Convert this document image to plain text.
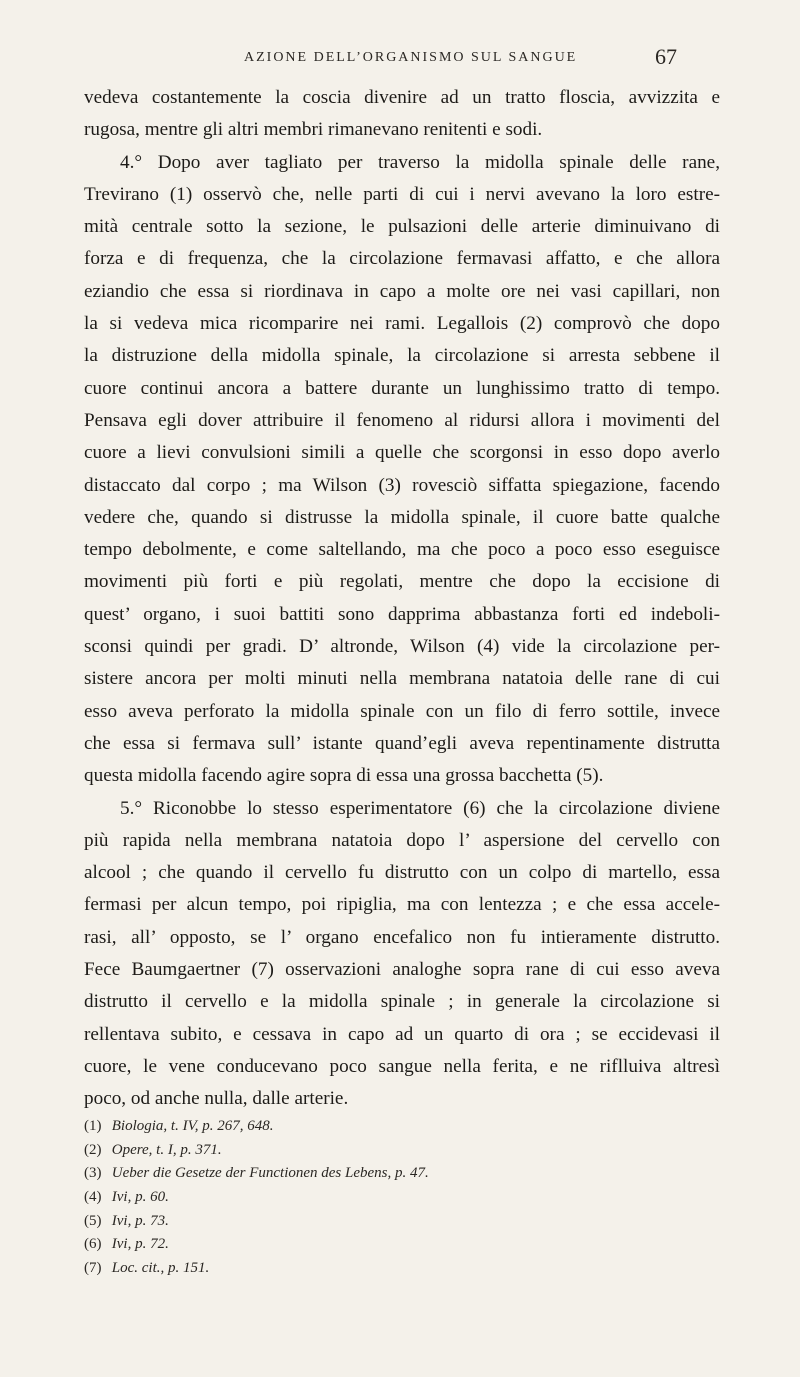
AZIONE DELL’ORGANISMO SUL SANGUE	67
vedeva costantemente la coscia divenire ad un tratto floscia, avvizzita e
rugosa, mentre gli altri membri rimanevano renitenti e sodi.
4.° Dopo aver tagliato per traverso la midolla spinale delle rane,
Treviranо (1) osservò che, nelle parti di cui i nervi avevano la loro estre-
mità centrale sotto la sezione, le pulsazioni delle arterie diminuivano di
forza e di frequenza, che la circolazione fermavasi affatto, e che allora
eziandio che essa si riordinava in capo a molte ore nei vasi capillari, non
la si vedeva mica ricomparire nei rami. Legallois (2) comprovò che dopo
la distruzione della midolla spinale, la circolazione si arresta sebbene il
cuore continui ancora a battere durante un lunghissimo tratto di tempo.
Pensava egli dover attribuire il fenomeno al ridursi allora i movimenti del
cuore a lievi convulsioni simili a quelle che scorgonsi in esso dopo averlo
distaccato dal corpo ; ma Wilson (3) rovesciò siffatta spiegazione, facendo
vedere che, quando si distrusse la midolla spinale, il cuore batte qualche
tempo debolmente, e come saltellando, ma che poco a poco esso eseguisce
movimenti più forti e più regolati, mentre che dopo la eccisione di
quest’ organo, i suoi battiti sono dapprima abbastanza forti ed indeboli-
sconsi quindi per gradi. D’ altronde, Wilson (4) vide la circolazione per-
sistere ancora per molti minuti nella membrana natatoia delle rane di cui
esso aveva perforato la midolla spinale con un filo di ferro sottile, invece
che essa si fermava sull’ istante quand’egli aveva repentinamente distrutta
questa midolla facendo agire sopra di essa una grossa bacchetta (5).
5.° Riconobbe lo stesso esperimentatore (6) che la circolazione diviene
più rapida nella membrana natatoia dopo l’ aspersione del cervello con
alcool ; che quando il cervello fu distrutto con un colpo di martello, essa
fermasi per alcun tempo, poi ripiglia, ma con lentezza ; e che essa accele-
rasi, all’ opposto, se l’ organo encefalico non fu intieramente distrutto.
Fece Baumgaertner (7) osservazioni analoghe sopra rane di cui esso aveva
distrutto il cervello e la midolla spinale ; in generale la circolazione si
rellentava subito, e cessava in capo ad un quarto di ora ; se eccidevasi il
cuore, le vene conducevano poco sangue nella ferita, e ne riflluiva altresì
poco, od anche nulla, dalle arterie.
(1) Biologia, t. IV, p. 267, 648.
(2) Opere, t. I, p. 371.
(3) Ueber die Gesetze der Functionen des Lebens, p. 47.
(4) Ivi, p. 60.
(5) Ivi, p. 73.
(6) Ivi, p. 72.
(7) Loc. cit., p. 151.
